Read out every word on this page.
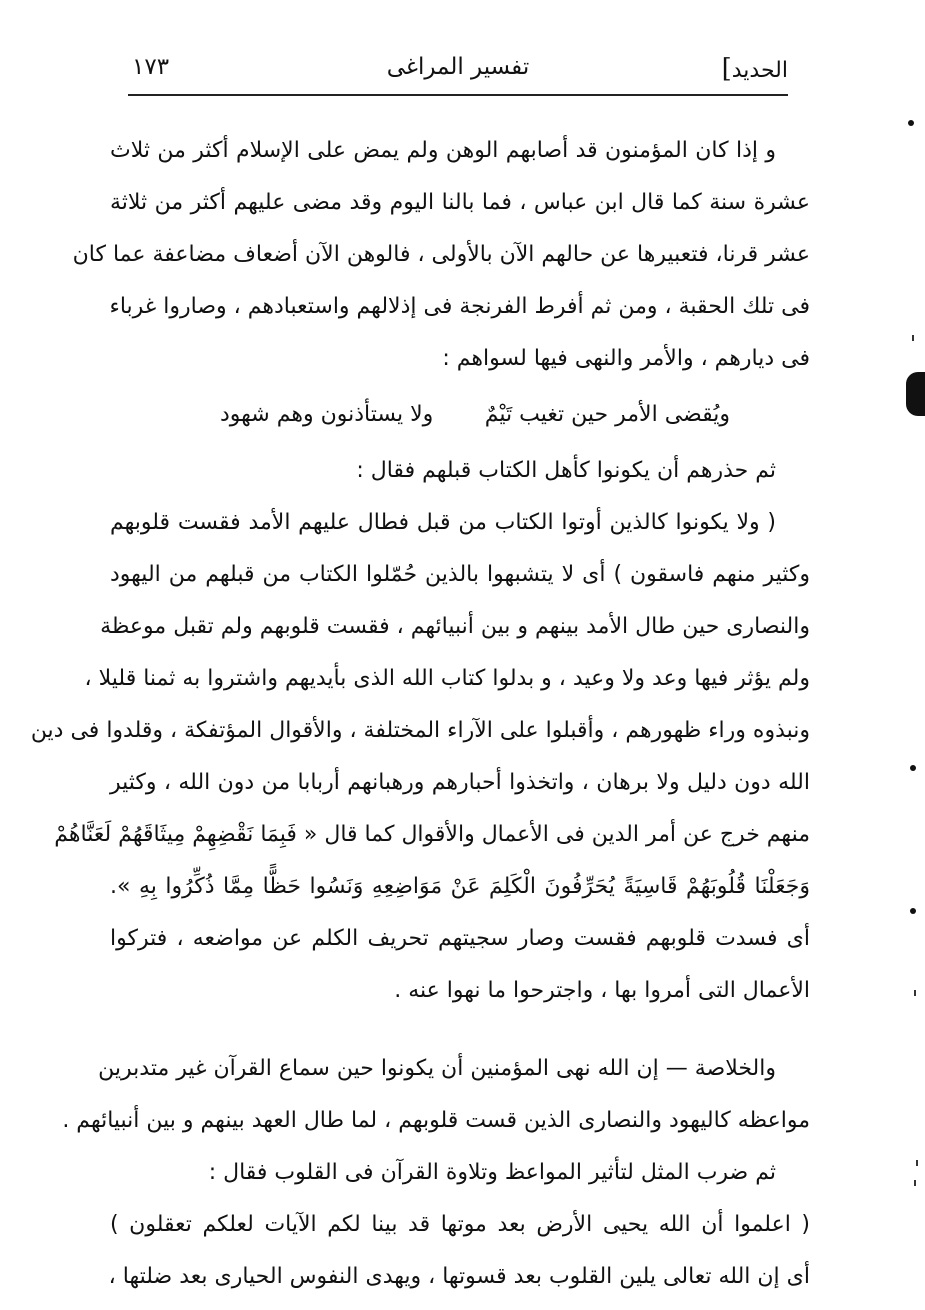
الحديد]
تفسير المراغى
١٧٣
و إذا كان المؤمنون قد أصابهم الوهن ولم يمض على الإسلام أكثر من ثلاث
عشرة سنة كما قال ابن عباس ، فما بالنا اليوم وقد مضى عليهم أكثر من ثلاثة
عشر قرنا، فتعبيرها عن حالهم الآن بالأولى ، فالوهن الآن أضعاف مضاعفة عما كان
فى تلك الحقبة ، ومن ثم أفرط الفرنجة فى إذلالهم واستعبادهم ، وصاروا غرباء
فى ديارهم ، والأمر والنهى فيها لسواهم :
ويُقضى الأمر حين تغيب تَيْمٌ
ولا يستأذنون وهم شهود
ثم حذرهم أن يكونوا كأهل الكتاب قبلهم فقال :
( ولا يكونوا كالذين أوتوا الكتاب من قبل فطال عليهم الأمد فقست قلوبهم
وكثير منهم فاسقون ) أى لا يتشبهوا بالذين حُمّلوا الكتاب من قبلهم من اليهود
والنصارى حين طال الأمد بينهم و بين أنبيائهم ، فقست قلوبهم ولم تقبل موعظة
ولم يؤثر فيها وعد ولا وعيد ، و بدلوا كتاب الله الذى بأيديهم واشتروا به ثمنا قليلا ،
ونبذوه وراء ظهورهم ، وأقبلوا على الآراء المختلفة ، والأقوال المؤتفكة ، وقلدوا فى دين
الله دون دليل ولا برهان ، واتخذوا أحبارهم ورهبانهم أربابا من دون الله ، وكثير
منهم خرج عن أمر الدين فى الأعمال والأقوال كما قال « فَبِمَا نَقْضِهِمْ مِيثَاقَهُمْ لَعَنَّاهُمْ
وَجَعَلْنَا قُلُوبَهُمْ قَاسِيَةً يُحَرِّفُونَ الْكَلِمَ عَنْ مَوَاضِعِهِ وَنَسُوا حَظًّا مِمَّا ذُكِّرُوا بِهِ ».
أى فسدت قلوبهم فقست وصار سجيتهم تحريف الكلم عن مواضعه ، فتركوا
الأعمال التى أمروا بها ، واجترحوا ما نهوا عنه .
والخلاصة — إن الله نهى المؤمنين أن يكونوا حين سماع القرآن غير متدبرين
مواعظه كاليهود والنصارى الذين قست قلوبهم ، لما طال العهد بينهم و بين أنبيائهم .
ثم ضرب المثل لتأثير المواعظ وتلاوة القرآن فى القلوب فقال :
( اعلموا أن الله يحيى الأرض بعد موتها قد بينا لكم الآيات لعلكم تعقلون )
أى إن الله تعالى يلين القلوب بعد قسوتها ، ويهدى النفوس الحيارى بعد ضلتها ،
